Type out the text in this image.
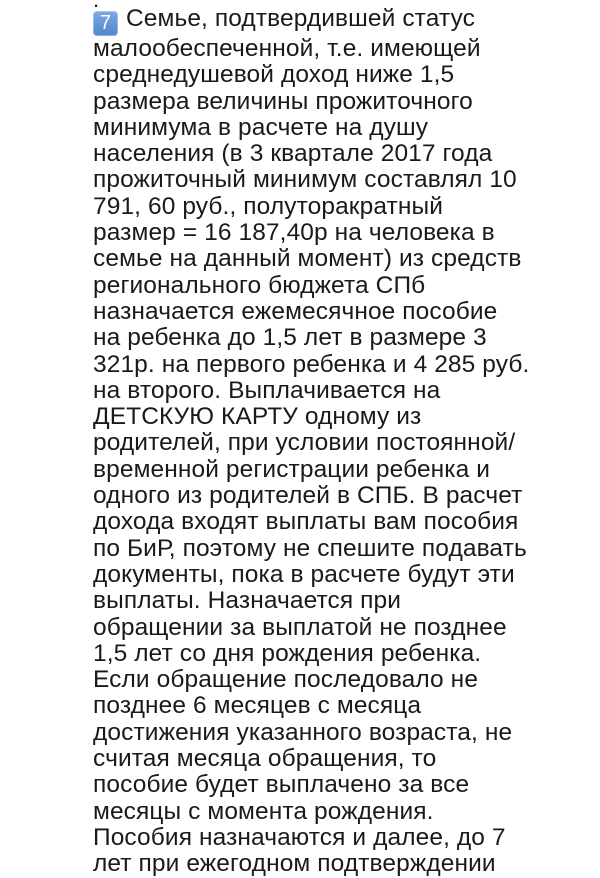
7 Семье, подтвердившей статус
малообеспеченной, т.е. имеющей
среднедушевой доход ниже 1,5
размера величины прожиточного
минимума в расчете на душу
населения (в 3 квартале 2017 года
прожиточный минимум составлял 10
791, 60 руб., полуторакратный
размер = 16 187,40р на человека в
семье на данный момент) из средств
регионального бюджета СПб
назначается ежемесячное пособие
на ребенка до 1,5 лет в размере 3
321р. на первого ребенка и 4 285 руб.
на второго. Выплачивается на
ДЕТСКУЮ КАРТУ одному из
родителей, при условии постоянной/
временной регистрации ребенка и
одного из родителей в СПБ. В расчет
дохода входят выплаты вам пособия
по БиР, поэтому не спешите подавать
документы, пока в расчете будут эти
выплаты. Назначается при
обращении за выплатой не позднее
1,5 лет со дня рождения ребенка.
Если обращение последовало не
позднее 6 месяцев с месяца
достижения указанного возраста, не
считая месяца обращения, то
пособие будет выплачено за все
месяцы с момента рождения.
Пособия назначаются и далее, до 7
лет при ежегодном подтверждении
